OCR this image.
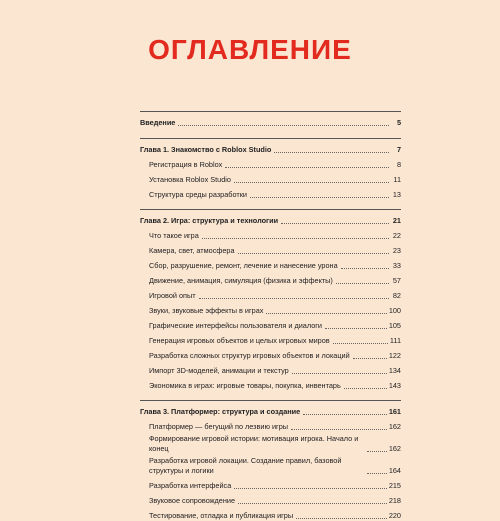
ОГЛАВЛЕНИЕ
Введение	5
Глава 1. Знакомство с Roblox Studio	7
Регистрация в Roblox	8
Установка Roblox Studio	11
Структура среды разработки	13
Глава 2. Игра: структура и технологии	21
Что такое игра	22
Камера, свет, атмосфера	23
Сбор, разрушение, ремонт, лечение и нанесение урона	33
Движение, анимация, симуляция (физика и эффекты)	57
Игровой опыт	82
Звуки, звуковые эффекты в играх	100
Графические интерфейсы пользователя и диалоги	105
Генерация игровых объектов и целых игровых миров	111
Разработка сложных структур игровых объектов и локаций	122
Импорт 3D-моделей, анимации и текстур	134
Экономика в играх: игровые товары, покупка, инвентарь	143
Глава 3. Платформер: структура и создание	161
Платформер — бегущий по лезвию игры	162
Формирование игровой истории: мотивация игрока. Начало и конец	162
Разработка игровой локации. Создание правил, базовой структуры и логики	164
Разработка интерфейса	215
Звуковое сопровождение	218
Тестирование, отладка и публикация игры	220
